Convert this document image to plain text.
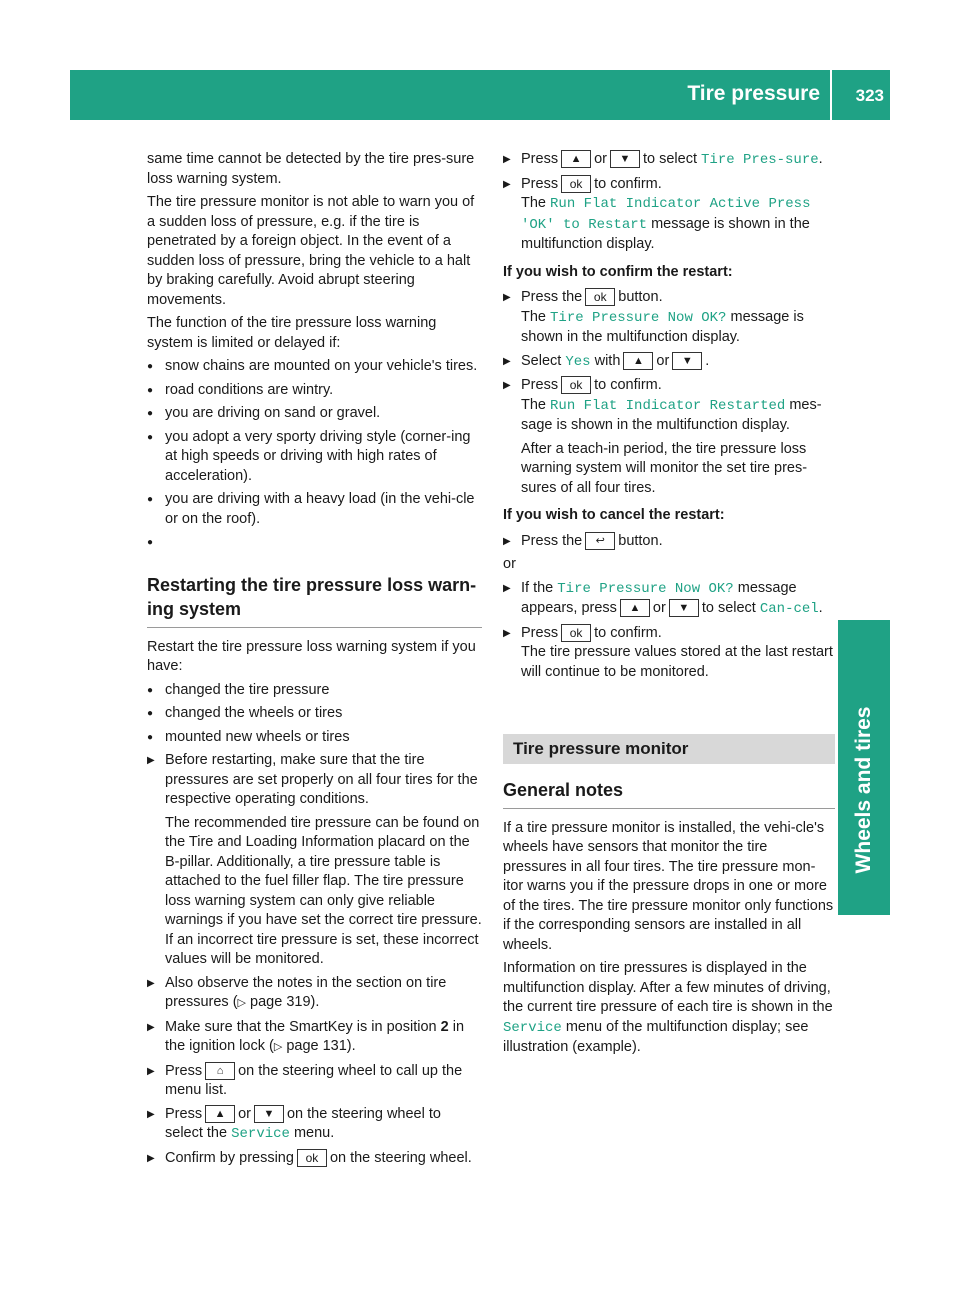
Tire pressure 323
Wheels and tires

same time cannot be detected by the tire pres-sure loss warning system.

The tire pressure monitor is not able to warn you of a sudden loss of pressure, e.g. if the tire is penetrated by a foreign object. In the event of a sudden loss of pressure, bring the vehicle to a halt by braking carefully. Avoid abrupt steering movements.

The function of the tire pressure loss warning system is limited or delayed if:

● snow chains are mounted on your vehicle's tires.
● road conditions are wintry.
● you are driving on sand or gravel.
● you adopt a very sporty driving style (corner-ing at high speeds or driving with high rates of acceleration).
● you are driving with a heavy load (in the vehi-cle or on the roof).
●
Restarting the tire pressure loss warn-ing system

Restart the tire pressure loss warning system if you have:

● changed the tire pressure
● changed the wheels or tires
● mounted new wheels or tires
▶ Before restarting, make sure that the tire pressures are set properly on all four tires for the respective operating conditions.
The recommended tire pressure can be found on the Tire and Loading Information placard on the B-pillar. Additionally, a tire pressure table is attached to the fuel filler flap. The tire pressure loss warning system can only give reliable warnings if you have set the correct tire pressure. If an incorrect tire pressure is set, these incorrect values will be monitored.
▶ Also observe the notes in the section on tire pressures (▷ page 319).
▶ Make sure that the SmartKey is in position 2 in the ignition lock (▷ page 131).
▶ Press ⌂ on the steering wheel to call up the menu list.
▶ Press ▲ or ▼ on the steering wheel to select the Service menu.
▶ Confirm by pressing ok on the steering wheel.
▶ Press ▲ or ▼ to select Tire Pres‐sure.
▶ Press ok to confirm.
The Run Flat Indicator Active Press 'OK' to Restart message is shown in the multifunction display.
If you wish to confirm the restart:
▶ Press the ok button.
The Tire Pressure Now OK? message is shown in the multifunction display.
▶ Select Yes with ▲ or ▼ .
▶ Press ok to confirm.
The Run Flat Indicator Restarted mes-sage is shown in the multifunction display.
After a teach-in period, the tire pressure loss warning system will monitor the set tire pres-sures of all four tires.
If you wish to cancel the restart:
▶ Press the ↩ button.

or

▶ If the Tire Pressure Now OK? message appears, press ▲ or ▼ to select Can‐cel.
▶ Press ok to confirm.
The tire pressure values stored at the last restart will continue to be monitored.
Tire pressure monitor
General notes

If a tire pressure monitor is installed, the vehi-cle's wheels have sensors that monitor the tire pressures in all four tires. The tire pressure mon-itor warns you if the pressure drops in one or more of the tires. The tire pressure monitor only functions if the corresponding sensors are installed in all wheels.

Information on tire pressures is displayed in the multifunction display. After a few minutes of driving, the current tire pressure of each tire is shown in the Service menu of the multifunction display; see illustration (example).
